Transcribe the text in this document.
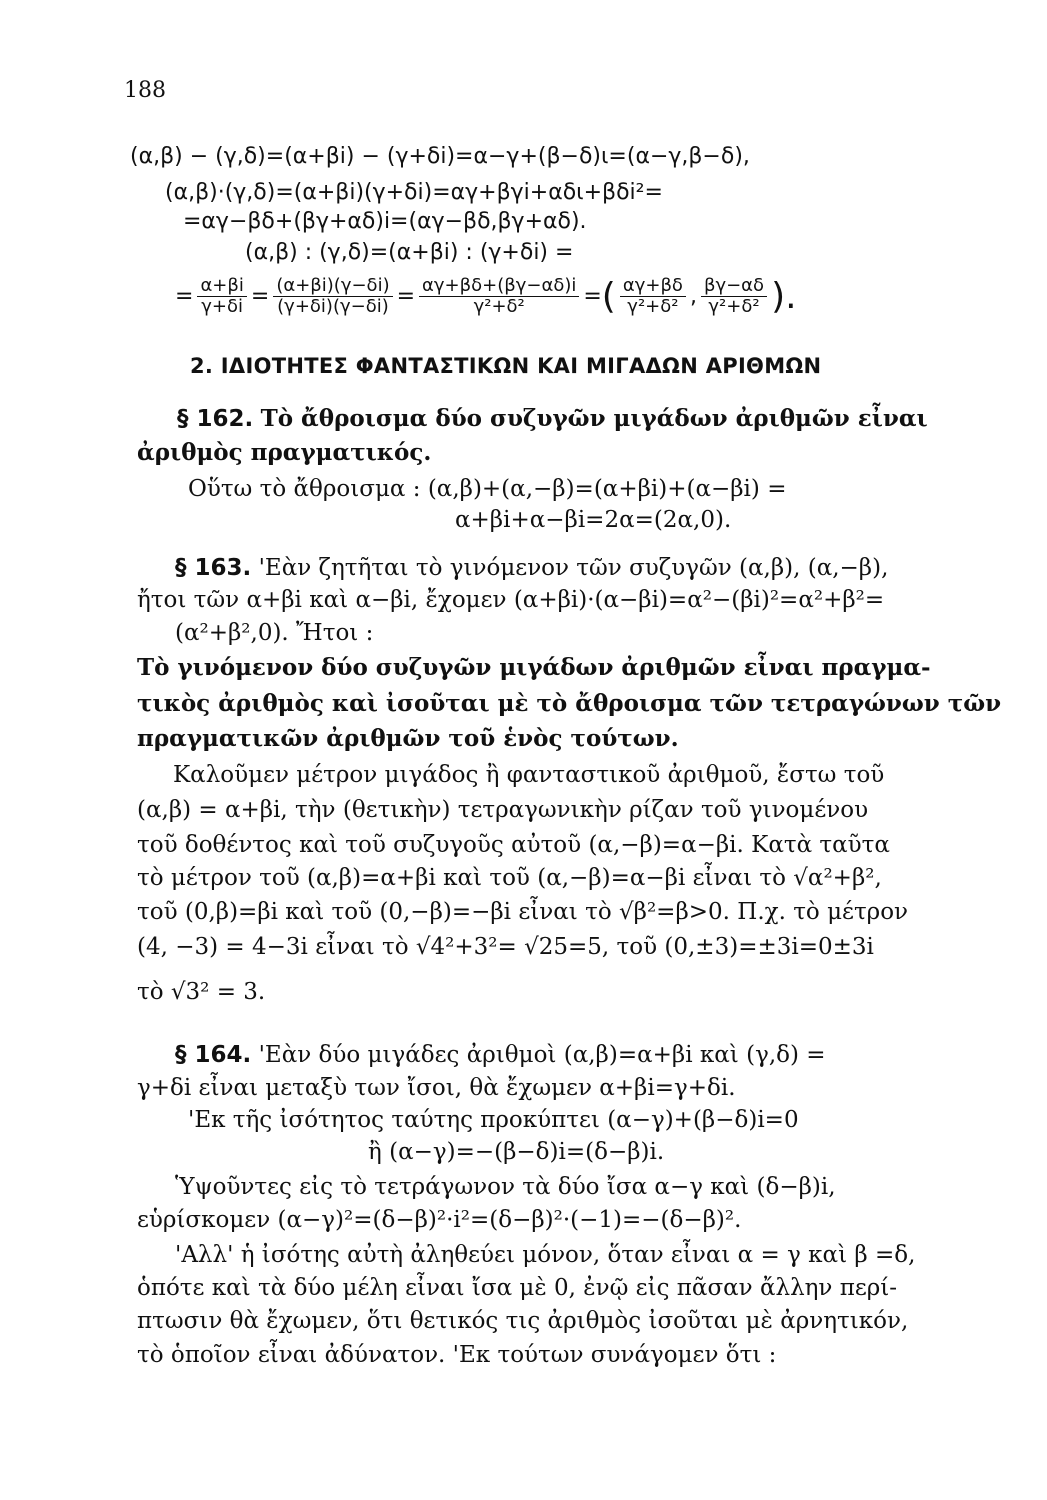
188
(α,β) − (γ,δ)=(α+βi) − (γ+δi)=α−γ+(β−δ)ι=(α−γ,β−δ),
(α,β)·(γ,δ)=(α+βi)(γ+δi)=αγ+βγi+αδι+βδi²=
=αγ−βδ+(βγ+αδ)i=(αγ−βδ,βγ+αδ).
(α,β) : (γ,δ)=(α+βi) : (γ+δi) =
= $\frac{\alpha+\beta i}{\gamma+\delta i} = \frac{(\alpha+\beta i)(\gamma-\delta i)}{(\gamma+\delta i)(\gamma-\delta i)} = \frac{\alpha\gamma+\beta\delta+(\beta\gamma-\alpha\delta)i}{\text{γ²+δ²}}$ = ( $\frac{\alpha\gamma+\beta\delta}{\text{γ²+δ²}}$ , $\frac{\beta\gamma-\alpha\delta}{\text{γ²+δ²}}$ ).
2. ΙΔΙΟΤΗΤΕΣ ΦΑΝΤΑΣΤΙΚΩΝ ΚΑΙ ΜΙΓΑΔΩΝ ΑΡΙΘΜΩΝ
§ 162. Τὸ ἄθροισμα δύο συζυγῶν μιγάδων ἀριθμῶν εἶναι
ἀριθμὸς πραγματικός.
Οὕτω τὸ ἄθροισμα : (α,β)+(α,−β)=(α+βi)+(α−βi) =
α+βi+α−βi=2α=(2α,0).
§ 163. 'Εὰν ζητῆται τὸ γινόμενον τῶν συζυγῶν (α,β), (α,−β),
ἤτοι τῶν α+βi καὶ α−βi, ἔχομεν (α+βi)·(α−βi)=α²−(βi)²=α²+β²=
(α²+β²,0). Ἤτοι :
Τὸ γινόμενον δύο συζυγῶν μιγάδων ἀριθμῶν εἶναι πραγμα-
τικὸς ἀριθμὸς καὶ ἰσοῦται μὲ τὸ ἄθροισμα τῶν τετραγώνων τῶν
πραγματικῶν ἀριθμῶν τοῦ ἑνὸς τούτων.
Καλοῦμεν μέτρον μιγάδος ἢ φανταστικοῦ ἀριθμοῦ, ἔστω τοῦ
(α,β) = α+βi, τὴν (θετικὴν) τετραγωνικὴν ρίζαν τοῦ γινομένου
τοῦ δοθέντος καὶ τοῦ συζυγοῦς αὐτοῦ (α,−β)=α−βi. Κατὰ ταῦτα
τὸ μέτρον τοῦ (α,β)=α+βi καὶ τοῦ (α,−β)=α−βi εἶναι τὸ √α²+β²,
τοῦ (0,β)=βi καὶ τοῦ (0,−β)=−βi εἶναι τὸ √β²=β>0. Π.χ. τὸ μέτρον
(4, −3) = 4−3i εἶναι τὸ √4²+3²= √25=5, τοῦ (0,±3)=±3i=0±3i
τὸ √3² = 3.
§ 164. 'Εὰν δύο μιγάδες ἀριθμοὶ (α,β)=α+βi καὶ (γ,δ) =
γ+δi εἶναι μεταξὺ των ἴσοι, θὰ ἔχωμεν α+βi=γ+δi.
'Εκ τῆς ἰσότητος ταύτης προκύπτει (α−γ)+(β−δ)i=0
ἢ (α−γ)=−(β−δ)i=(δ−β)i.
Ὑψοῦντες εἰς τὸ τετράγωνον τὰ δύο ἴσα α−γ καὶ (δ−β)i,
εὑρίσκομεν (α−γ)²=(δ−β)²·i²=(δ−β)²·(−1)=−(δ−β)².
'Αλλ' ἡ ἰσότης αὐτὴ ἀληθεύει μόνον, ὅταν εἶναι α = γ καὶ β =δ,
ὁπότε καὶ τὰ δύο μέλη εἶναι ἴσα μὲ 0, ἐνῷ εἰς πᾶσαν ἄλλην περί-
πτωσιν θὰ ἔχωμεν, ὅτι θετικός τις ἀριθμὸς ἰσοῦται μὲ ἀρνητικόν,
τὸ ὁποῖον εἶναι ἀδύνατον. 'Εκ τούτων συνάγομεν ὅτι :
